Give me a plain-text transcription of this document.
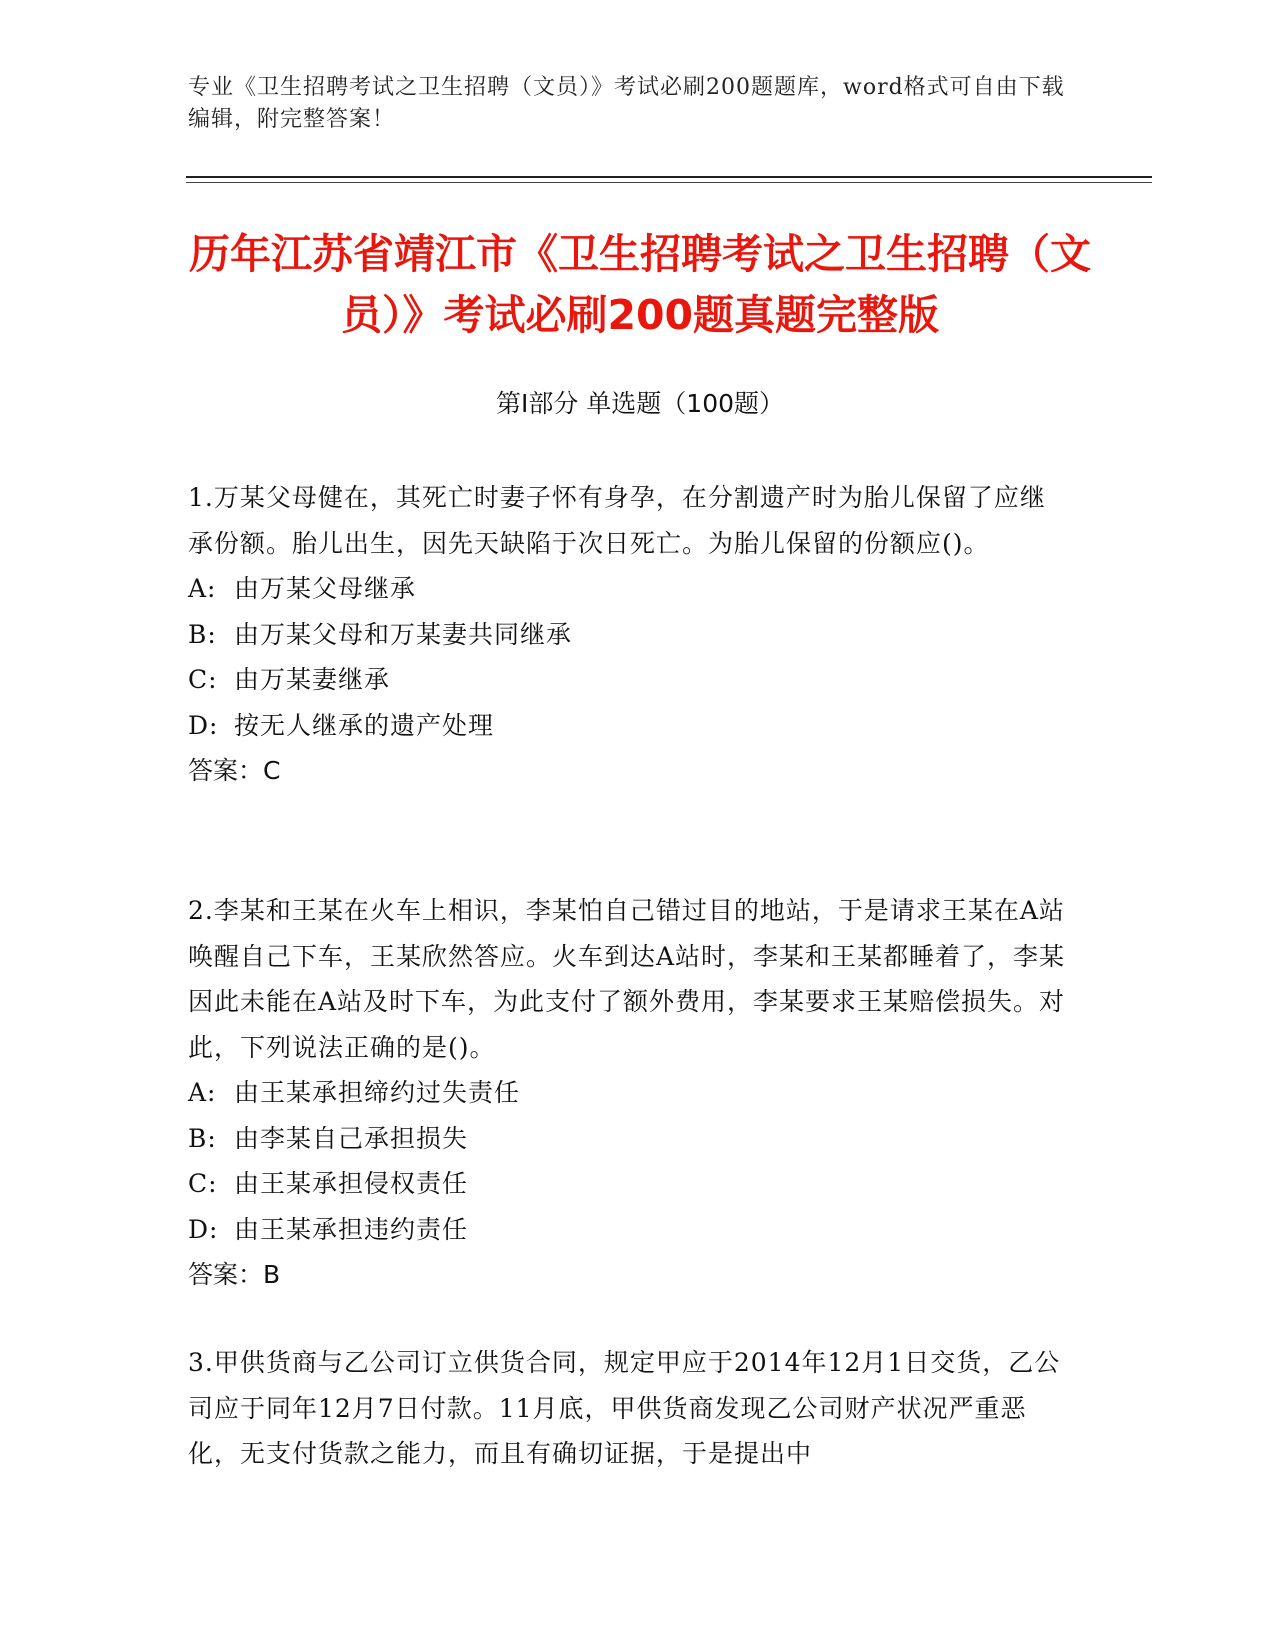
专业《卫生招聘考试之卫生招聘（文员）》考试必刷200题题库，word格式可自由下载编辑，附完整答案！
历年江苏省靖江市《卫生招聘考试之卫生招聘（文员）》考试必刷200题真题完整版
第Ⅰ部分 单选题（100题）
1.万某父母健在，其死亡时妻子怀有身孕，在分割遗产时为胎儿保留了应继承份额。胎儿出生，因先天缺陷于次日死亡。为胎儿保留的份额应()。
A: 由万某父母继承
B: 由万某父母和万某妻共同继承
C: 由万某妻继承
D: 按无人继承的遗产处理
答案：C
2.李某和王某在火车上相识，李某怕自己错过目的地站，于是请求王某在A站唤醒自己下车，王某欣然答应。火车到达A站时，李某和王某都睡着了，李某因此未能在A站及时下车，为此支付了额外费用，李某要求王某赔偿损失。对此，下列说法正确的是()。
A: 由王某承担缔约过失责任
B: 由李某自己承担损失
C: 由王某承担侵权责任
D: 由王某承担违约责任
答案：B
3.甲供货商与乙公司订立供货合同，规定甲应于2014年12月1日交货，乙公司应于同年12月7日付款。11月底，甲供货商发现乙公司财产状况严重恶化，无支付货款之能力，而且有确切证据，于是提出中
